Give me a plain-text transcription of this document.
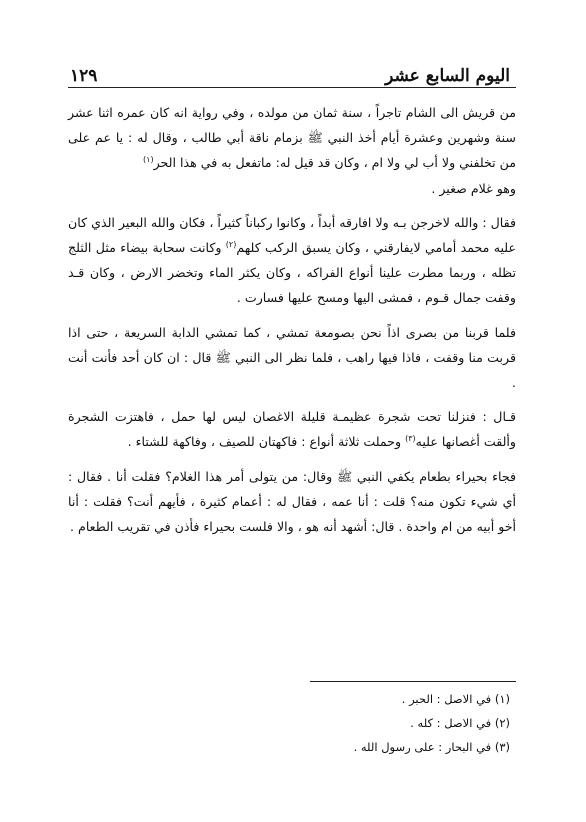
اليوم السابع عشر
١٢٩

من قريش الى الشام تاجراً ، سنة ثمان من مولده ، وفي رواية انه كان عمره اثنا عشر سنة وشهرين وعشرة أيام أخذ النبي ﷺ بزمام ناقة أبي طالب ، وقال له : يا عم على من تخلفني ولا أب لي ولا ام ، وكان قد قيل له: ماتفعل به في هذا الحر$^{(١)}$
وهو غلام صغير .

فقال : والله لاخرجن بـه ولا افارقه أبداً ، وكانوا ركباناً كثيراً ، فكان والله البعير الذي كان عليه محمد أمامي لايفارقني ، وكان يسبق الركب كلهم$^{(٢)}$ وكانت سحابة بيضاء مثل الثلج تظله ، وربما مطرت علينا أنواع الفراكه ، وكان يكثر الماء وتخضر الارض ، وكان قـد وقفت جمال قـوم ، فمشى اليها ومسح عليها فسارت .

فلما قربنا من بصرى اذاً نحن بصومعة تمشي ، كما تمشي الدابة السريعة ، حتى اذا قربت منا وقفت ، فاذا فيها راهب ، فلما نظر الى النبي ﷺ قال : ان كان أحد فأنت أنت .

قـال : فنزلنا تحت شجرة عظيمـة قليلة الاغصان ليس لها حمل ، فاهتزت الشجرة وألقت أغصانها عليه$^{(٣)}$ وحملت ثلاثة أنواع : فاكهتان للصيف ، وفاكهة للشتاء .

فجاء بحيراء بطعام يكفي النبي ﷺ وقال: من يتولى أمر هذا الغلام؟ فقلت أنا . فقال : أي شيء تكون منه؟ قلت : أنا عمه ، فقال له : أعمام كثيرة ، فأيهم أنت؟ فقلت : أنا أخو أبيه من ام واحدة . قال: أشهد أنه هو ، والا فلست بحيراء فأذن في تقريب الطعام .

(١) في الاصل : الحبر .
(٢) في الاصل : كله .
(٣) في البحار : على رسول الله .
